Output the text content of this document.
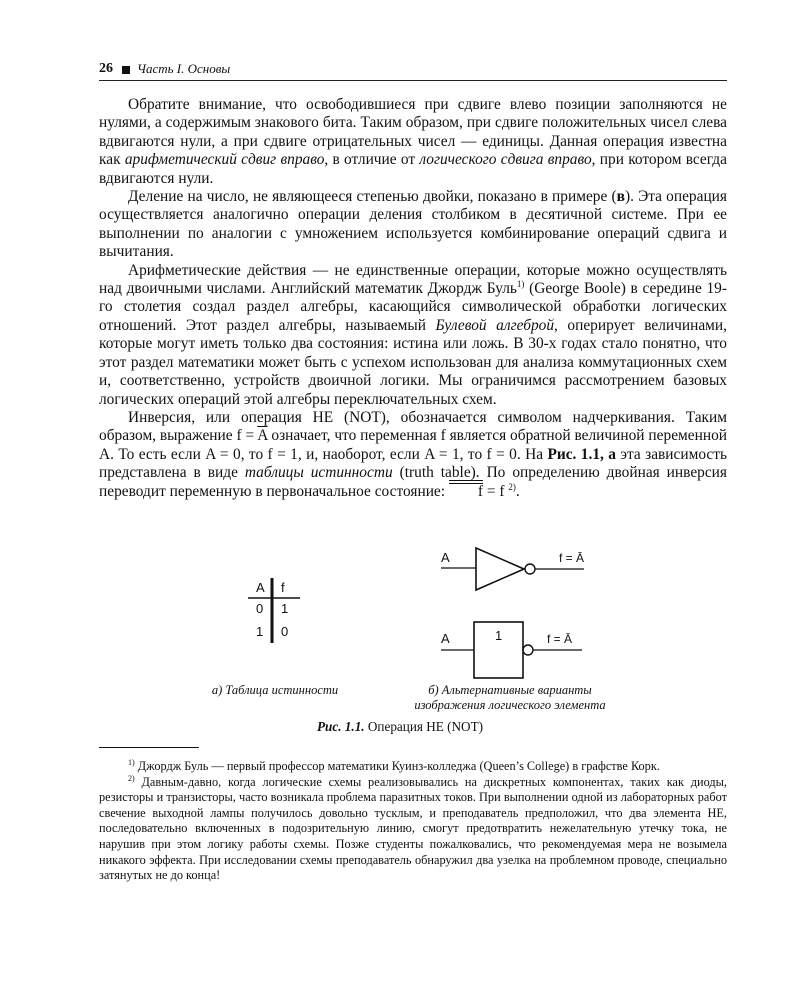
26 Часть I. Основы

Обратите внимание, что освободившиеся при сдвиге влево позиции заполняются не нулями, а содержимым знакового бита. Таким образом, при сдвиге положительных чисел слева вдвигаются нули, а при сдвиге отрицательных чисел — единицы. Данная операция известна как арифметический сдвиг вправо, в отличие от логического сдвига вправо, при котором всегда вдвигаются нули.

Деление на число, не являющееся степенью двойки, показано в примере (в). Эта операция осуществляется аналогично операции деления столбиком в десятичной системе. При ее выполнении по аналогии с умножением используется комбинирование операций сдвига и вычитания.

Арифметические действия — не единственные операции, которые можно осуществлять над двоичными числами. Английский математик Джордж Буль$^{1)}$ (George Boole) в середине 19-го столетия создал раздел алгебры, касающийся символической обработки логических отношений. Этот раздел алгебры, называемый Булевой алгеброй, оперирует величинами, которые могут иметь только два состояния: истина или ложь. В 30-х годах стало понятно, что этот раздел математики может быть с успехом использован для анализа коммутационных схем и, соответственно, устройств двоичной логики. Мы ограничимся рассмотрением базовых логических операций этой алгебры переключательных схем.

Инверсия, или операция НЕ (NOT), обозначается символом надчеркивания. Таким образом, выражение $f = \overline{A}$ означает, что переменная f является обратной величиной переменной A. То есть если A = 0, то f = 1, и, наоборот, если A = 1, то f = 0. На Рис. 1.1, а эта зависимость представлена в виде таблицы истинности (truth table). По определению двойная инверсия переводит переменную в первоначальное состояние: f = f $^{2)}$.

A f
0 1
1 0
A	f = Ā
A	1	f = Ā
а) Таблица истинности	б) Альтернативные варианты
изображения логического элемента
Рис. 1.1. Операция НЕ (NOT)

$^{1)}$ Джордж Буль — первый профессор математики Куинз-колледжа (Queen’s College) в графстве Корк.

$^{2)}$ Давным-давно, когда логические схемы реализовывались на дискретных компонентах, таких как диоды, резисторы и транзисторы, часто возникала проблема паразитных токов. При выполнении одной из лабораторных работ свечение выходной лампы получилось довольно тусклым, и преподаватель предположил, что два элемента НЕ, последовательно включенных в подозрительную линию, смогут предотвратить нежелательную утечку тока, не нарушив при этом логику работы схемы. Позже студенты пожалковались, что рекомендуемая мера не возымела никакого эффекта. При исследовании схемы преподаватель обнаружил два узелка на проблемном проводе, специально затянутых не до конца!
